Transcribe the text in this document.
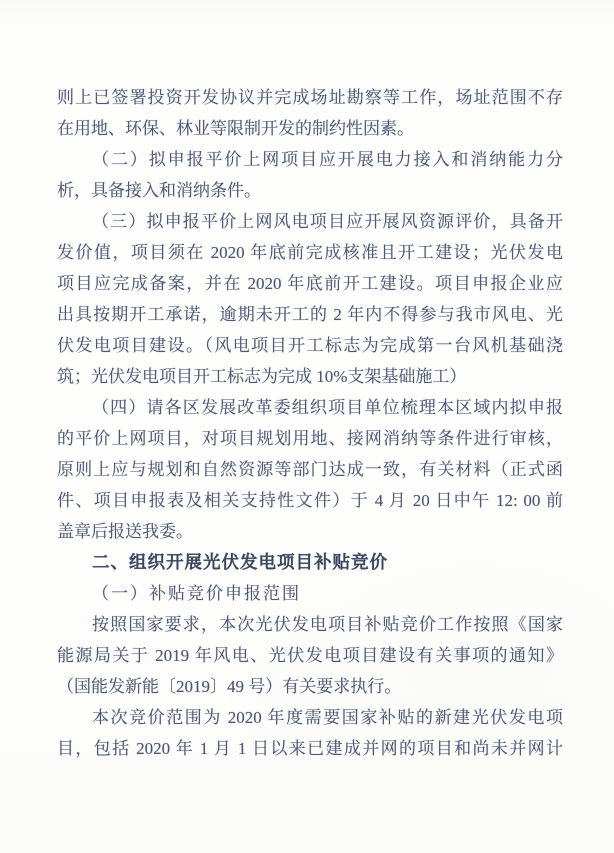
则上已签署投资开发协议并完成场址勘察等工作，场址范围不存
在用地、环保、林业等限制开发的制约性因素。
（二）拟申报平价上网项目应开展电力接入和消纳能力分
析，具备接入和消纳条件。
（三）拟申报平价上网风电项目应开展风资源评价，具备开
发价值，项目须在 2020 年底前完成核准且开工建设；光伏发电
项目应完成备案，并在 2020 年底前开工建设。项目申报企业应
出具按期开工承诺，逾期未开工的 2 年内不得参与我市风电、光
伏发电项目建设。（风电项目开工标志为完成第一台风机基础浇
筑；光伏发电项目开工标志为完成 10%支架基础施工）
（四）请各区发展改革委组织项目单位梳理本区域内拟申报
的平价上网项目，对项目规划用地、接网消纳等条件进行审核，
原则上应与规划和自然资源等部门达成一致，有关材料（正式函
件、项目申报表及相关支持性文件）于 4 月 20 日中午 12: 00 前
盖章后报送我委。
二、组织开展光伏发电项目补贴竞价
（一）补贴竞价申报范围
按照国家要求，本次光伏发电项目补贴竞价工作按照《国家
能源局关于 2019 年风电、光伏发电项目建设有关事项的通知》
（国能发新能〔2019〕49 号）有关要求执行。
本次竞价范围为 2020 年度需要国家补贴的新建光伏发电项
目，包括 2020 年 1 月 1 日以来已建成并网的项目和尚未并网计
